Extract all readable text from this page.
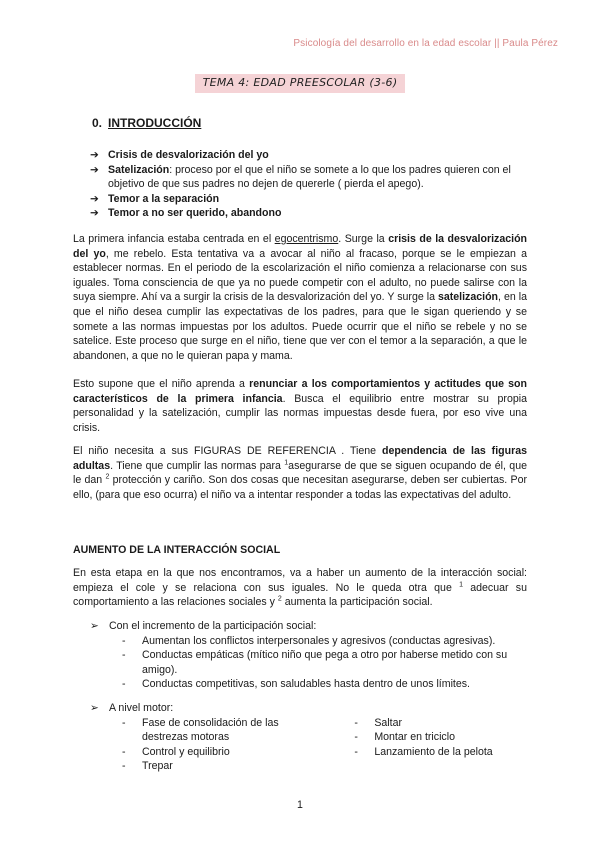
Psicología del desarrollo en la edad escolar || Paula Pérez
TEMA 4: EDAD PREESCOLAR (3-6)
0. INTRODUCCIÓN
➔ Crisis de desvalorización del yo
➔ Satelización: proceso por el que el niño se somete a lo que los padres quieren con el objetivo de que sus padres no dejen de quererle ( pierda el apego).
➔ Temor a la separación
➔ Temor a no ser querido, abandono
La primera infancia estaba centrada en el egocentrismo. Surge la crisis de la desvalorización del yo, me rebelo. Esta tentativa va a avocar al niño al fracaso, porque se le empiezan a establecer normas. En el periodo de la escolarización el niño comienza a relacionarse con sus iguales. Toma consciencia de que ya no puede competir con el adulto, no puede salirse con la suya siempre. Ahí va a surgir la crisis de la desvalorización del yo. Y surge la satelización, en la que el niño desea cumplir las expectativas de los padres, para que le sigan queriendo y se somete a las normas impuestas por los adultos. Puede ocurrir que el niño se rebele y no se satelice. Este proceso que surge en el niño, tiene que ver con el temor a la separación, a que le abandonen, a que no le quieran papa y mama.
Esto supone que el niño aprenda a renunciar a los comportamientos y actitudes que son característicos de la primera infancia. Busca el equilibrio entre mostrar su propia personalidad y la satelización, cumplir las normas impuestas desde fuera, por eso vive una crisis.
El niño necesita a sus FIGURAS DE REFERENCIA . Tiene dependencia de las figuras adultas. Tiene que cumplir las normas para $^1$asegurarse de que se siguen ocupando de él, que le dan $^2$ protección y cariño. Son dos cosas que necesitan asegurarse, deben ser cubiertas. Por ello, (para que eso ocurra) el niño va a intentar responder a todas las expectativas del adulto.
AUMENTO DE LA INTERACCIÓN SOCIAL
En esta etapa en la que nos encontramos, va a haber un aumento de la interacción social: empieza el cole y se relaciona con sus iguales. No le queda otra que $^1$ adecuar su comportamiento a las relaciones sociales y $^2$ aumenta la participación social.
➢ Con el incremento de la participación social:
-	Aumentan los conflictos interpersonales y agresivos (conductas agresivas).
-	Conductas empáticas (mítico niño que pega a otro por haberse metido con su amigo).
-	Conductas competitivas, son saludables hasta dentro de unos límites.
➢ A nivel motor:
-	Fase de consolidación de las destrezas motoras
-	Control y equilibrio
-	Trepar
-	Saltar
-	Montar en triciclo
-	Lanzamiento de la pelota
1
